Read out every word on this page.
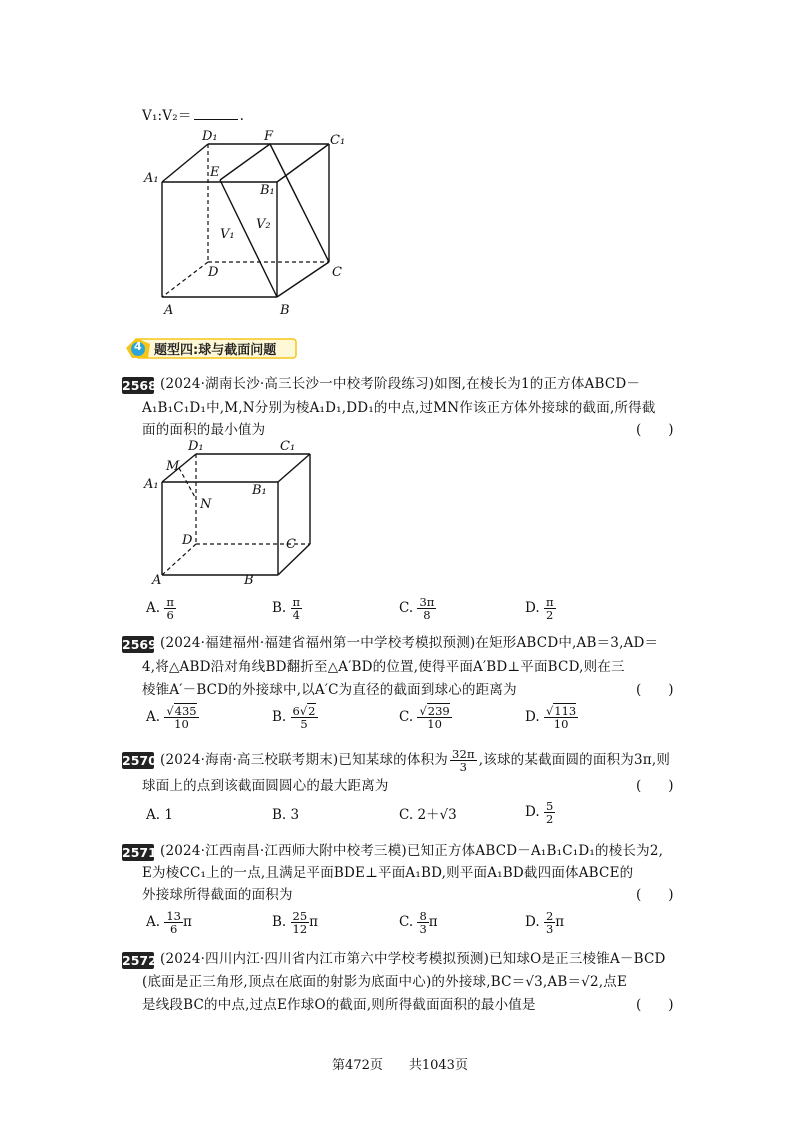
V₁:V₂＝	.
D₁	F	C₁
A₁	E
B₁
V₁
V₂
D	C
A	B
4 题型四:球与截面问题
2568 (2024·湖南长沙·高三长沙一中校考阶段练习)如图,在棱长为1的正方体ABCD－
A₁B₁C₁D₁中,M,N分别为棱A₁D₁,DD₁的中点,过MN作该正方体外接球的截面,所得截
面的面积的最小值为	(　　)
D₁	C₁
M
A₁	B₁
N
D	C
A	B
A. $\frac{\pi}{6}$	B. $\frac{\pi}{4}$	C. $\frac{3\pi}{8}$	D. $\frac{\pi}{2}$
2569 (2024·福建福州·福建省福州第一中学校考模拟预测)在矩形ABCD中,AB＝3,AD＝
4,将△ABD沿对角线BD翻折至△A′BD的位置,使得平面A′BD⊥平面BCD,则在三
棱锥A′－BCD的外接球中,以A′C为直径的截面到球心的距离为	(　　)
A. $\frac{√435}{10}$	B. $\frac{6√2}{5}$	C. $\frac{√239}{10}$	D. $\frac{√113}{10}$
2570 (2024·海南·高三校联考期末)已知某球的体积为 $\frac{32\pi}{3}$ ,该球的某截面圆的面积为3π,则
球面上的点到该截面圆圆心的最大距离为	(　　)
A. 1	B. 3	C. 2＋√3	D. $\frac{5}{2}$
2571 (2024·江西南昌·江西师大附中校考三模)已知正方体ABCD－A₁B₁C₁D₁的棱长为2,
E为棱CC₁上的一点,且满足平面BDE⊥平面A₁BD,则平面A₁BD截四面体ABCE的
外接球所得截面的面积为	(　　)
A. $\frac{13}{6}$ π	B. $\frac{25}{12}$ π	C. $\frac{8}{3}$ π	D. $\frac{2}{3}$ π
2572 (2024·四川内江·四川省内江市第六中学校考模拟预测)已知球O是正三棱锥A－BCD
(底面是正三角形,顶点在底面的射影为底面中心)的外接球,BC＝√3,AB＝√2,点E
是线段BC的中点,过点E作球O的截面,则所得截面面积的最小值是	(　　)
第472页　　共1043页
